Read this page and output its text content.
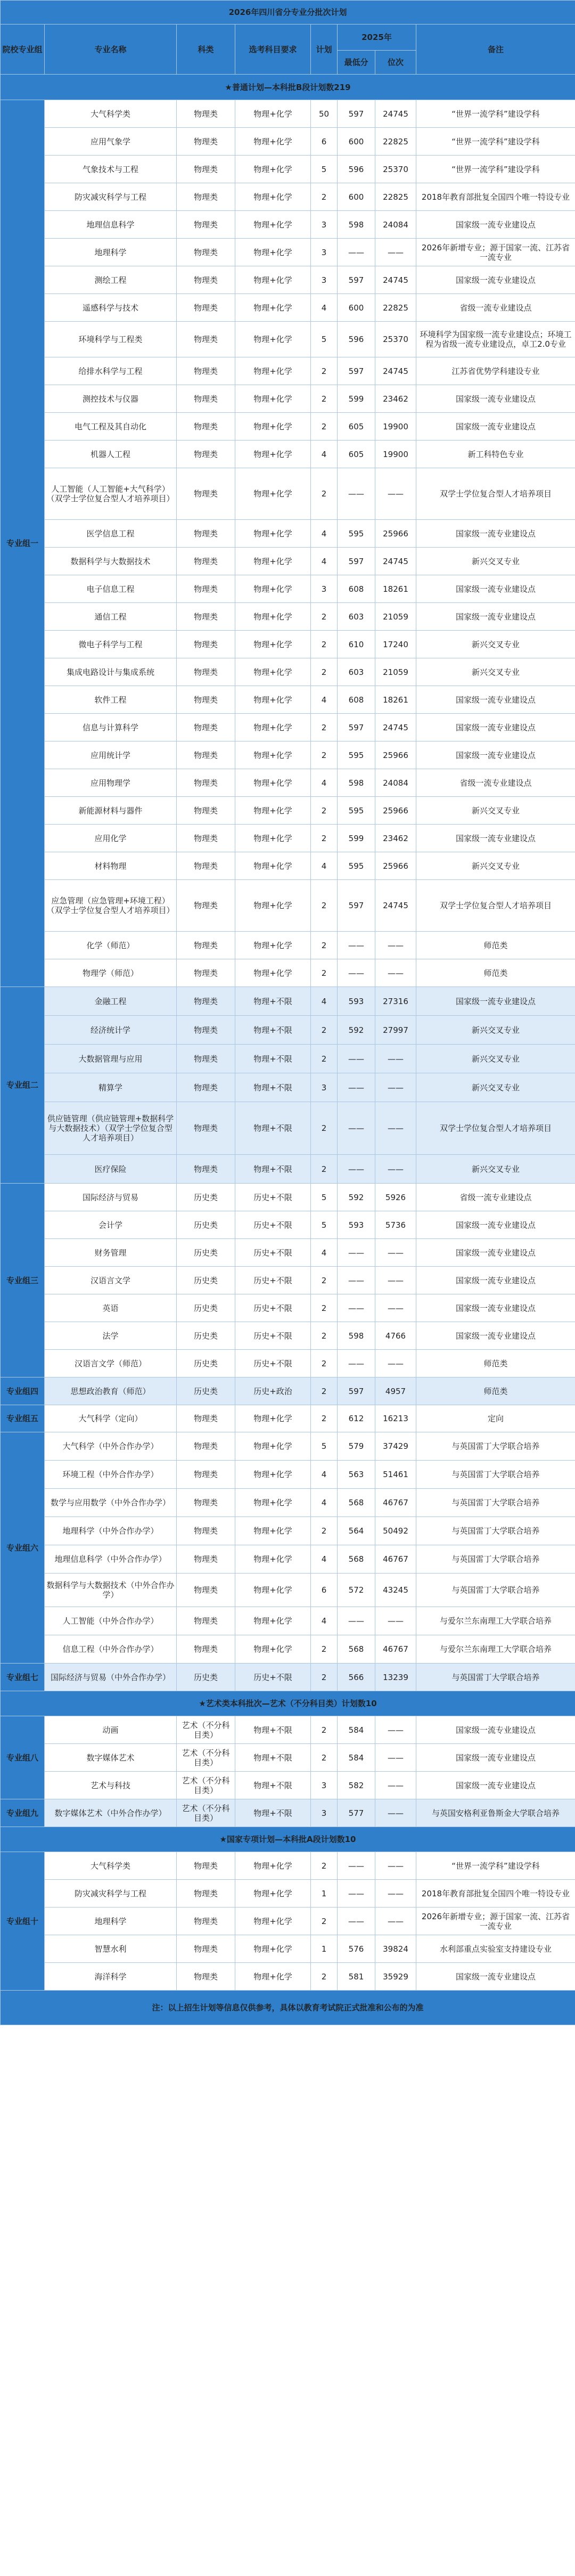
2026年四川省分专业分批次计划							
院校专业组	专业名称	科类	选考科目要求	计划	2025年		备注
					最低分	位次	
★普通计划—本科批B段计划数219							
专业组一	大气科学类	物理类	物理+化学	50	597	24745	“世界一流学科”建设学科
	应用气象学	物理类	物理+化学	6	600	22825	“世界一流学科”建设学科
	气象技术与工程	物理类	物理+化学	5	596	25370	“世界一流学科”建设学科
	防灾减灾科学与工程	物理类	物理+化学	2	600	22825	2018年教育部批复全国四个唯一特设专业
	地理信息科学	物理类	物理+化学	3	598	24084	国家级一流专业建设点
	地理科学	物理类	物理+化学	3	——	——	2026年新增专业；源于国家一流、江苏省一流专业
	测绘工程	物理类	物理+化学	3	597	24745	国家级一流专业建设点
	遥感科学与技术	物理类	物理+化学	4	600	22825	省级一流专业建设点
	环境科学与工程类	物理类	物理+化学	5	596	25370	环境科学为国家级一流专业建设点；环境工程为省级一流专业建设点，卓工2.0专业
	给排水科学与工程	物理类	物理+化学	2	597	24745	江苏省优势学科建设专业
	测控技术与仪器	物理类	物理+化学	2	599	23462	国家级一流专业建设点
	电气工程及其自动化	物理类	物理+化学	2	605	19900	国家级一流专业建设点
	机器人工程	物理类	物理+化学	4	605	19900	新工科特色专业
	人工智能（人工智能+大气科学）（双学士学位复合型人才培养项目）	物理类	物理+化学	2	——	——	双学士学位复合型人才培养项目
	医学信息工程	物理类	物理+化学	4	595	25966	国家级一流专业建设点
	数据科学与大数据技术	物理类	物理+化学	4	597	24745	新兴交叉专业
	电子信息工程	物理类	物理+化学	3	608	18261	国家级一流专业建设点
	通信工程	物理类	物理+化学	2	603	21059	国家级一流专业建设点
	微电子科学与工程	物理类	物理+化学	2	610	17240	新兴交叉专业
	集成电路设计与集成系统	物理类	物理+化学	2	603	21059	新兴交叉专业
	软件工程	物理类	物理+化学	4	608	18261	国家级一流专业建设点
	信息与计算科学	物理类	物理+化学	2	597	24745	国家级一流专业建设点
	应用统计学	物理类	物理+化学	2	595	25966	国家级一流专业建设点
	应用物理学	物理类	物理+化学	4	598	24084	省级一流专业建设点
	新能源材料与器件	物理类	物理+化学	2	595	25966	新兴交叉专业
	应用化学	物理类	物理+化学	2	599	23462	国家级一流专业建设点
	材料物理	物理类	物理+化学	4	595	25966	新兴交叉专业
	应急管理（应急管理+环境工程）（双学士学位复合型人才培养项目）	物理类	物理+化学	2	597	24745	双学士学位复合型人才培养项目
	化学（师范）	物理类	物理+化学	2	——	——	师范类
	物理学（师范）	物理类	物理+化学	2	——	——	师范类
专业组二	金融工程	物理类	物理+不限	4	593	27316	国家级一流专业建设点
	经济统计学	物理类	物理+不限	2	592	27997	新兴交叉专业
	大数据管理与应用	物理类	物理+不限	2	——	——	新兴交叉专业
	精算学	物理类	物理+不限	3	——	——	新兴交叉专业
	供应链管理（供应链管理+数据科学与大数据技术）（双学士学位复合型人才培养项目）	物理类	物理+不限	2	——	——	双学士学位复合型人才培养项目
	医疗保险	物理类	物理+不限	2	——	——	新兴交叉专业
专业组三	国际经济与贸易	历史类	历史+不限	5	592	5926	省级一流专业建设点
	会计学	历史类	历史+不限	5	593	5736	国家级一流专业建设点
	财务管理	历史类	历史+不限	4	——	——	国家级一流专业建设点
	汉语言文学	历史类	历史+不限	2	——	——	国家级一流专业建设点
	英语	历史类	历史+不限	2	——	——	国家级一流专业建设点
	法学	历史类	历史+不限	2	598	4766	国家级一流专业建设点
	汉语言文学（师范）	历史类	历史+不限	2	——	——	师范类
专业组四	思想政治教育（师范）	历史类	历史+政治	2	597	4957	师范类
专业组五	大气科学（定向）	物理类	物理+化学	2	612	16213	定向
专业组六	大气科学（中外合作办学）	物理类	物理+化学	5	579	37429	与英国雷丁大学联合培养
	环境工程（中外合作办学）	物理类	物理+化学	4	563	51461	与英国雷丁大学联合培养
	数学与应用数学（中外合作办学）	物理类	物理+化学	4	568	46767	与英国雷丁大学联合培养
	地理科学（中外合作办学）	物理类	物理+化学	2	564	50492	与英国雷丁大学联合培养
	地理信息科学（中外合作办学）	物理类	物理+化学	4	568	46767	与英国雷丁大学联合培养
	数据科学与大数据技术（中外合作办学）	物理类	物理+化学	6	572	43245	与英国雷丁大学联合培养
	人工智能（中外合作办学）	物理类	物理+化学	4	——	——	与爱尔兰东南理工大学联合培养
	信息工程（中外合作办学）	物理类	物理+化学	2	568	46767	与爱尔兰东南理工大学联合培养
专业组七	国际经济与贸易（中外合作办学）	历史类	历史+不限	2	566	13239	与英国雷丁大学联合培养
★艺术类本科批次—艺术（不分科目类）计划数10							
专业组八	动画	艺术（不分科目类）	物理+不限	2	584	——	国家级一流专业建设点
	数字媒体艺术	艺术（不分科目类）	物理+不限	2	584	——	国家级一流专业建设点
	艺术与科技	艺术（不分科目类）	物理+不限	3	582	——	国家级一流专业建设点
专业组九	数字媒体艺术（中外合作办学）	艺术（不分科目类）	物理+不限	3	577	——	与英国安格利亚鲁斯金大学联合培养
★国家专项计划—本科批A段计划数10							
专业组十	大气科学类	物理类	物理+化学	2	——	——	“世界一流学科”建设学科
	防灾减灾科学与工程	物理类	物理+化学	1	——	——	2018年教育部批复全国四个唯一特设专业
	地理科学	物理类	物理+化学	2	——	——	2026年新增专业；源于国家一流、江苏省一流专业
	智慧水利	物理类	物理+化学	1	576	39824	水利部重点实验室支持建设专业
	海洋科学	物理类	物理+化学	2	581	35929	国家级一流专业建设点
注：以上招生计划等信息仅供参考，具体以教育考试院正式批准和公布的为准							
